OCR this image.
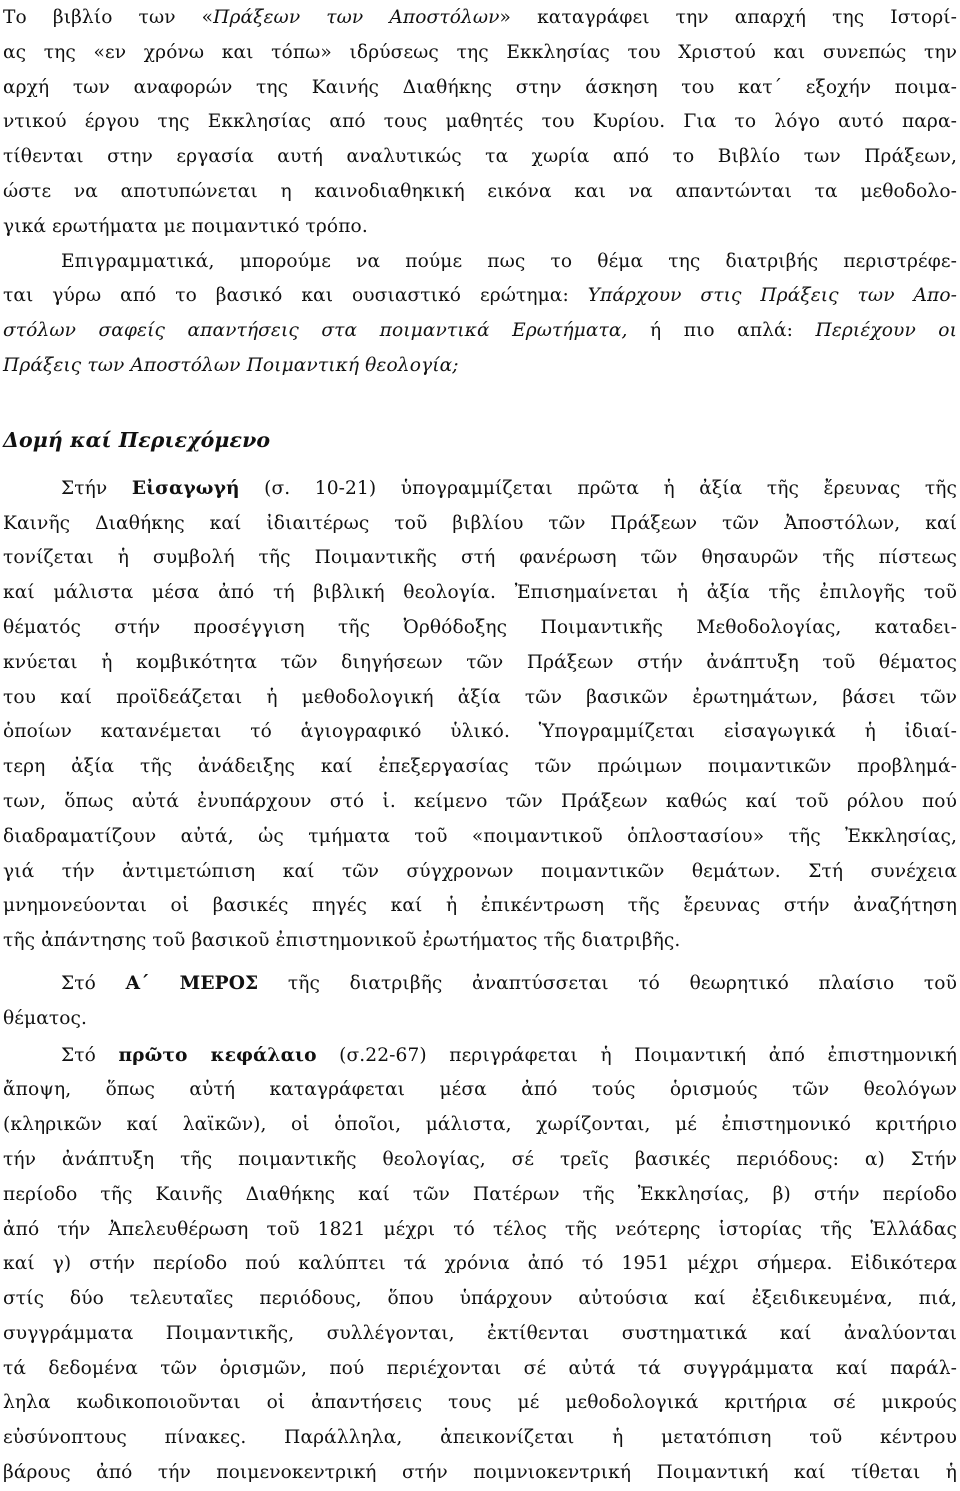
Το βιβλίο των «Πράξεων των Αποστόλων» καταγράφει την απαρχή της Ιστορί-
ας της «εν χρόνω και τόπω» ιδρύσεως της Εκκλησίας του Χριστού και συνεπώς την
αρχή των αναφορών της Καινής Διαθήκης στην άσκηση του κατ΄ εξοχήν ποιμα-
ντικού έργου της Εκκλησίας από τους μαθητές του Κυρίου. Για το λόγο αυτό παρα-
τίθενται στην εργασία αυτή αναλυτικώς τα χωρία από το Βιβλίο των Πράξεων,
ώστε να αποτυπώνεται η καινοδιαθηκική εικόνα και να απαντώνται τα μεθοδολο-
γικά ερωτήματα με ποιμαντικό τρόπο.
Επιγραμματικά, μπορούμε να πούμε πως το θέμα της διατριβής περιστρέφε-
ται γύρω από το βασικό και ουσιαστικό ερώτημα: Υπάρχουν στις Πράξεις των Απο-
στόλων σαφείς απαντήσεις στα ποιμαντικά Ερωτήματα, ή πιο απλά: Περιέχουν οι
Πράξεις των Αποστόλων Ποιμαντική θεολογία;
Δομή καί Περιεχόμενο
Στήν Εἰσαγωγή (σ. 10-21) ὑπογραμμίζεται πρῶτα ἡ ἀξία τῆς ἔρευνας τῆς
Καινῆς Διαθήκης καί ἰδιαιτέρως τοῦ βιβλίου τῶν Πράξεων τῶν Ἀποστόλων, καί
τονίζεται ἡ συμβολή τῆς Ποιμαντικῆς στή φανέρωση τῶν θησαυρῶν τῆς πίστεως
καί μάλιστα μέσα ἀπό τή βιβλική θεολογία. Ἐπισημαίνεται ἡ ἀξία τῆς ἐπιλογῆς τοῦ
θέματός στήν προσέγγιση τῆς Ὀρθόδοξης Ποιμαντικῆς Μεθοδολογίας, καταδει-
κνύεται ἡ κομβικότητα τῶν διηγήσεων τῶν Πράξεων στήν ἀνάπτυξη τοῦ θέματος
του καί προϊδεάζεται ἡ μεθοδολογική ἀξία τῶν βασικῶν ἐρωτημάτων, βάσει τῶν
ὁποίων κατανέμεται τό ἁγιογραφικό ὑλικό. Ὑπογραμμίζεται εἰσαγωγικά ἡ ἰδιαί-
τερη ἀξία τῆς ἀνάδειξης καί ἐπεξεργασίας τῶν πρώιμων ποιμαντικῶν προβλημά-
των, ὅπως αὐτά ἐνυπάρχουν στό ἱ. κείμενο τῶν Πράξεων καθώς καί τοῦ ρόλου πού
διαδραματίζουν αὐτά, ὡς τμήματα τοῦ «ποιμαντικοῦ ὁπλοστασίου» τῆς Ἐκκλησίας,
γιά τήν ἀντιμετώπιση καί τῶν σύγχρονων ποιμαντικῶν θεμάτων. Στή συνέχεια
μνημονεύονται οἱ βασικές πηγές καί ἡ ἐπικέντρωση τῆς ἔρευνας στήν ἀναζήτηση
τῆς ἀπάντησης τοῦ βασικοῦ ἐπιστημονικοῦ ἐρωτήματος τῆς διατριβῆς.
Στό Α΄ ΜΕΡΟΣ τῆς διατριβῆς ἀναπτύσσεται τό θεωρητικό πλαίσιο τοῦ
θέματος.
Στό πρῶτο κεφάλαιο (σ.22-67) περιγράφεται ἡ Ποιμαντική ἀπό ἐπιστημονική
ἄποψη, ὅπως αὐτή καταγράφεται μέσα ἀπό τούς ὁρισμούς τῶν θεολόγων
(κληρικῶν καί λαϊκῶν), οἱ ὁποῖοι, μάλιστα, χωρίζονται, μέ ἐπιστημονικό κριτήριο
τήν ἀνάπτυξη τῆς ποιμαντικῆς θεολογίας, σέ τρεῖς βασικές περιόδους: α) Στήν
περίοδο τῆς Καινῆς Διαθήκης καί τῶν Πατέρων τῆς Ἐκκλησίας, β) στήν περίοδο
ἀπό τήν Ἀπελευθέρωση τοῦ 1821 μέχρι τό τέλος τῆς νεότερης ἱστορίας τῆς Ἑλλάδας
καί γ) στήν περίοδο πού καλύπτει τά χρόνια ἀπό τό 1951 μέχρι σήμερα. Εἰδικότερα
στίς δύο τελευταῖες περιόδους, ὅπου ὑπάρχουν αὐτούσια καί ἐξειδικευμένα, πιά,
συγγράμματα Ποιμαντικῆς, συλλέγονται, ἐκτίθενται συστηματικά καί ἀναλύονται
τά δεδομένα τῶν ὁρισμῶν, πού περιέχονται σέ αὐτά τά συγγράμματα καί παράλ-
ληλα κωδικοποιοῦνται οἱ ἀπαντήσεις τους μέ μεθοδολογικά κριτήρια σέ μικρούς
εὐσύνοπτους πίνακες. Παράλληλα, ἀπεικονίζεται ἡ μετατόπιση τοῦ κέντρου
βάρους ἀπό τήν ποιμενοκεντρική στήν ποιμνιοκεντρική Ποιμαντική καί τίθεται ἡ
